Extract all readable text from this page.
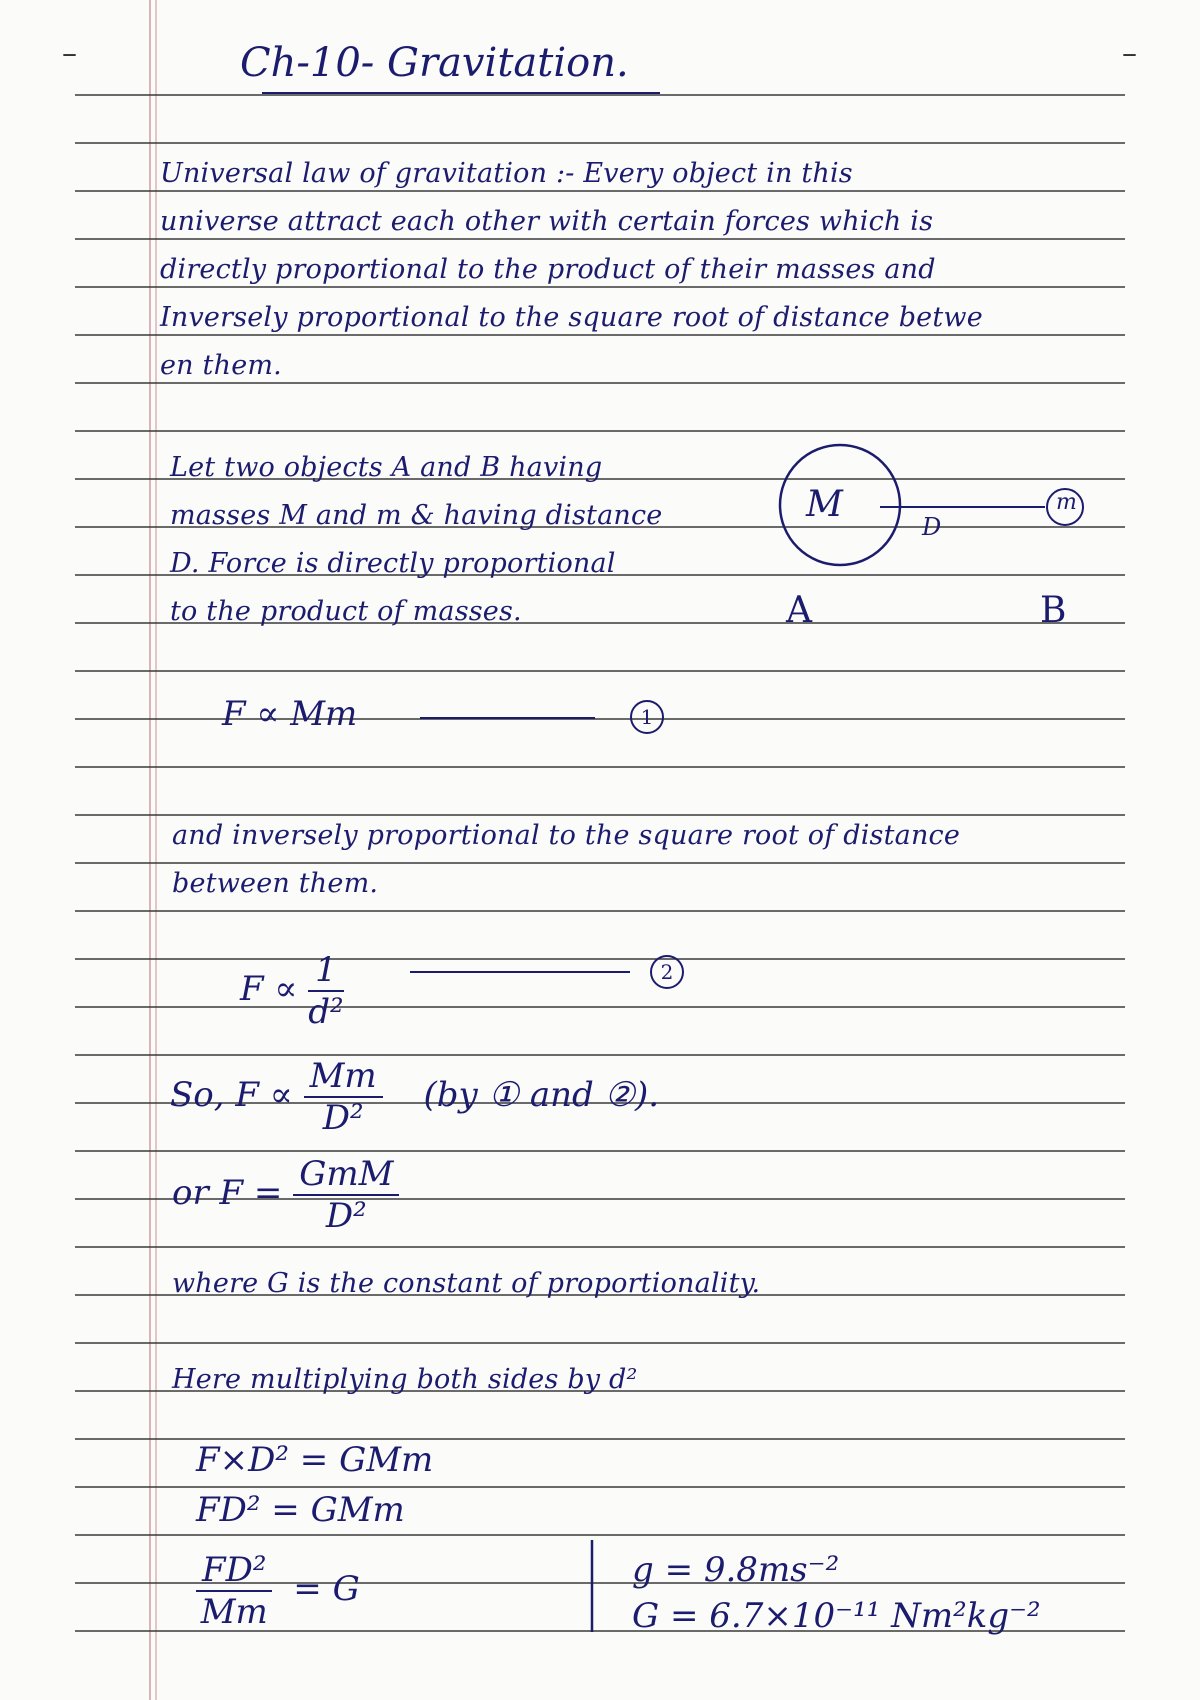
–	–
Ch-10- Gravitation.
Universal law of gravitation :- Every object in this
universe attract each other with certain forces which is
directly proportional to the product of their masses and
Inversely proportional to the square root of distance betwe
en them.
Let two objects A and B having
masses M and m & having distance
D. Force is directly proportional
to the product of masses.
M	m
D
A	B
F ∝ Mm	1
and inversely proportional to the square root of distance
between them.
$F \propto \frac{1}{\text{d²}}$	2
So, $F \propto \frac{Mm}{\text{D²}} (by$ ① and ②).
or $F = \frac{\text{GmM}}{\text{D²}}$
where G is the constant of proportionality.
Here multiplying both sides by d²
F×D² = GMm
FD² = GMm
$\frac{\text{FD²}}{Mm} = G$	g = 9.8ms⁻²
G = 6.7×10⁻¹¹ Nm²kg⁻²
